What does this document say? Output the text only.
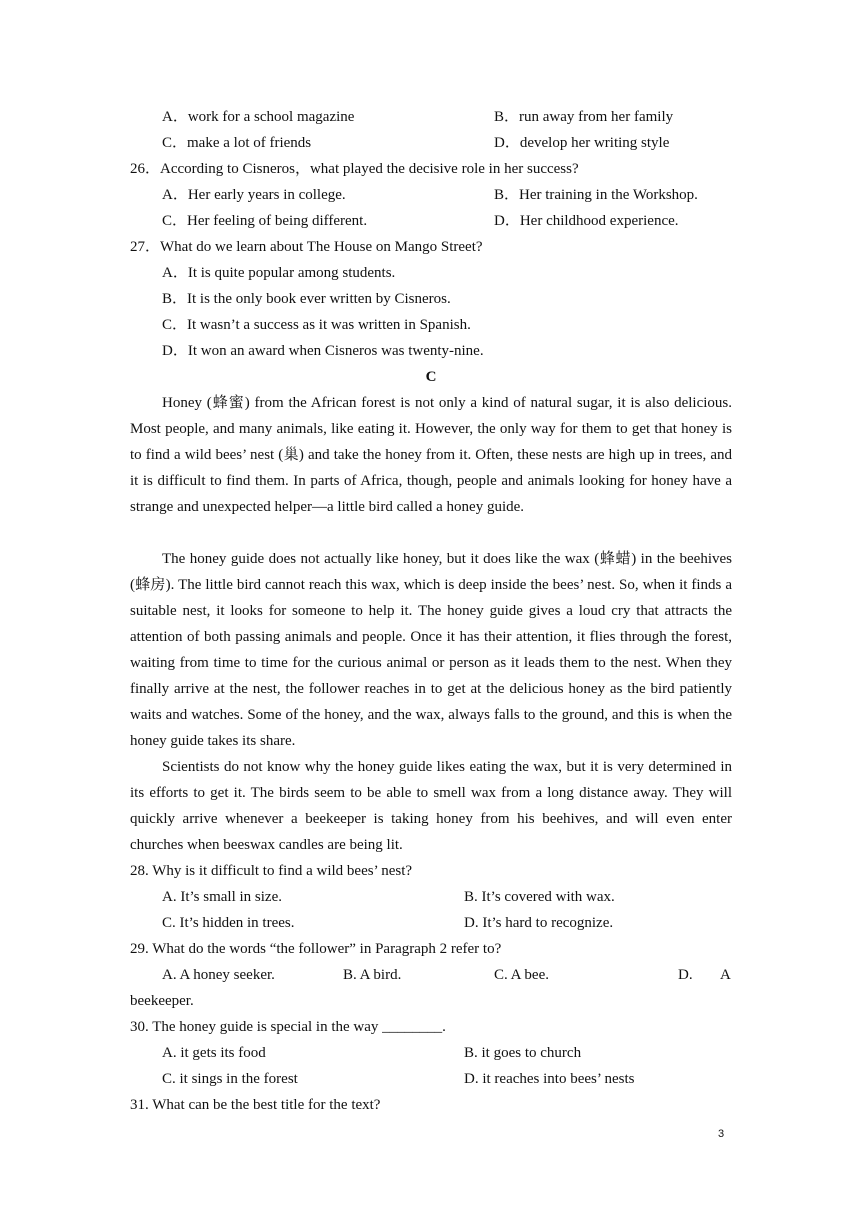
A．work for a school magazine	B．run away from her family
C．make a lot of friends	D．develop her writing style
26．According to Cisneros，what played the decisive role in her success?
A．Her early years in college.	B．Her training in the Workshop.
C．Her feeling of being different.	D．Her childhood experience.
27．What do we learn about The House on Mango Street?
A．It is quite popular among students.
B．It is the only book ever written by Cisneros.
C．It wasn’t a success as it was written in Spanish.
D．It won an award when Cisneros was twenty-nine.
C
Honey (蜂蜜) from the African forest is not only a kind of natural sugar, it is also delicious. Most people, and many animals, like eating it. However, the only way for them to get that honey is to find a wild bees’ nest (巢) and take the honey from it. Often, these nests are high up in trees, and it is difficult to find them. In parts of Africa, though, people and animals looking for honey have a strange and unexpected helper—a little bird called a honey guide.
The honey guide does not actually like honey, but it does like the wax (蜂蜡) in the beehives (蜂房). The little bird cannot reach this wax, which is deep inside the bees’ nest. So, when it finds a suitable nest, it looks for someone to help it. The honey guide gives a loud cry that attracts the attention of both passing animals and people. Once it has their attention, it flies through the forest, waiting from time to time for the curious animal or person as it leads them to the nest. When they finally arrive at the nest, the follower reaches in to get at the delicious honey as the bird patiently waits and watches. Some of the honey, and the wax, always falls to the ground, and this is when the honey guide takes its share.
Scientists do not know why the honey guide likes eating the wax, but it is very determined in its efforts to get it. The birds seem to be able to smell wax from a long distance away. They will quickly arrive whenever a beekeeper is taking honey from his beehives, and will even enter churches when beeswax candles are being lit.
28. Why is it difficult to find a wild bees’ nest?
A. It’s small in size.	B. It’s covered with wax.
C. It’s hidden in trees.	D. It’s hard to recognize.
29. What do the words “the follower” in Paragraph 2 refer to?
A. A honey seeker.	B. A bird.	C. A bee.	D. A
beekeeper.
30. The honey guide is special in the way ________.
A. it gets its food	B. it goes to church
C. it sings in the forest	D. it reaches into bees’ nests
31. What can be the best title for the text?
3
